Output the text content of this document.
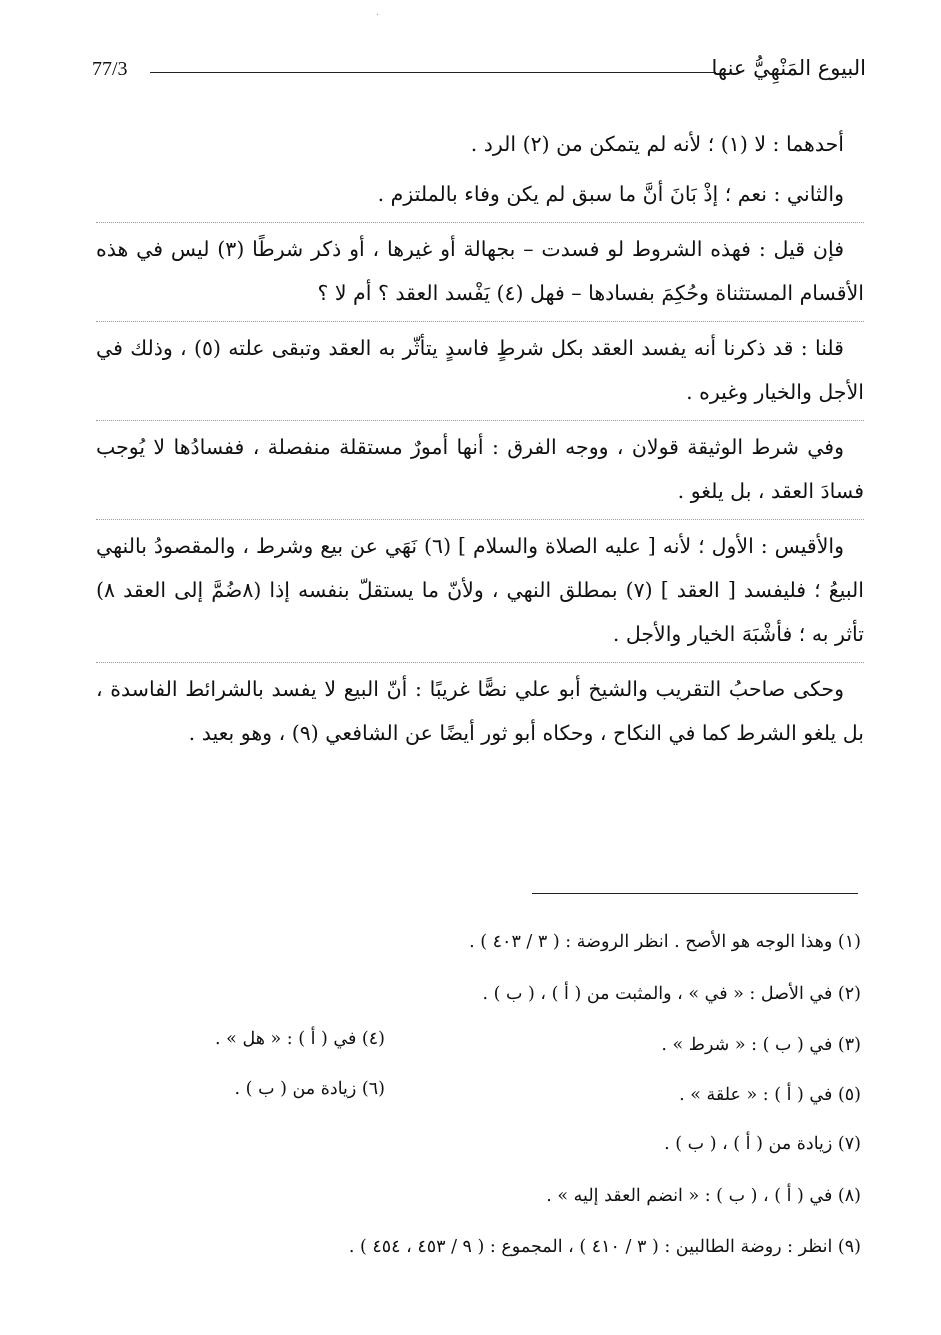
·
77/3	البيوع المَنْهِيُّ عنها

أحدهما : لا (١) ؛ لأنه لم يتمكن من (٢) الرد .

والثاني : نعم ؛ إذْ بَانَ أنَّ ما سبق لم يكن وفاء بالملتزم .

فإن قيل : فهذه الشروط لو فسدت – بجهالة أو غيرها ، أو ذكر شرطًا (٣) ليس في هذه الأقسام المستثناة وحُكِمَ بفسادها – فهل (٤) يَفْسد العقد ؟ أم لا ؟

قلنا : قد ذكرنا أنه يفسد العقد بكل شرطٍ فاسدٍ يتأثّر به العقد وتبقى علته (٥) ، وذلك في الأجل والخيار وغيره .

وفي شرط الوثيقة قولان ، ووجه الفرق : أنها أمورٌ مستقلة منفصلة ، ففسادُها لا يُوجب فسادَ العقد ، بل يلغو .

والأقيس : الأول ؛ لأنه [ عليه الصلاة والسلام ] (٦) نَهَي عن بيع وشرط ، والمقصودُ بالنهي البيعُ ؛ فليفسد [ العقد ] (٧) بمطلق النهي ، ولأنّ ما يستقلّ بنفسه إذا (٨ضُمَّ إلى العقد ٨) تأثر به ؛ فأشْبَهَ الخيار والأجل .

وحكى صاحبُ التقريب والشيخ أبو علي نصًّا غريبًا : أنّ البيع لا يفسد بالشرائط الفاسدة ، بل يلغو الشرط كما في النكاح ، وحكاه أبو ثور أيضًا عن الشافعي (٩) ، وهو بعيد .

(١) وهذا الوجه هو الأصح . انظر الروضة : ( ٣ / ٤٠٣ ) .
(٢) في الأصل : « في » ، والمثبت من ( أ ) ، ( ب ) .
(٣) في ( ب ) : « شرط » .
(٤) في ( أ ) : « هل » .
(٥) في ( أ ) : « علقة » .
(٦) زيادة من ( ب ) .
(٧) زيادة من ( أ ) ، ( ب ) .
(٨) في ( أ ) ، ( ب ) : « انضم العقد إليه » .
(٩) انظر : روضة الطالبين : ( ٣ / ٤١٠ ) ، المجموع : ( ٩ / ٤٥٣ ، ٤٥٤ ) .
